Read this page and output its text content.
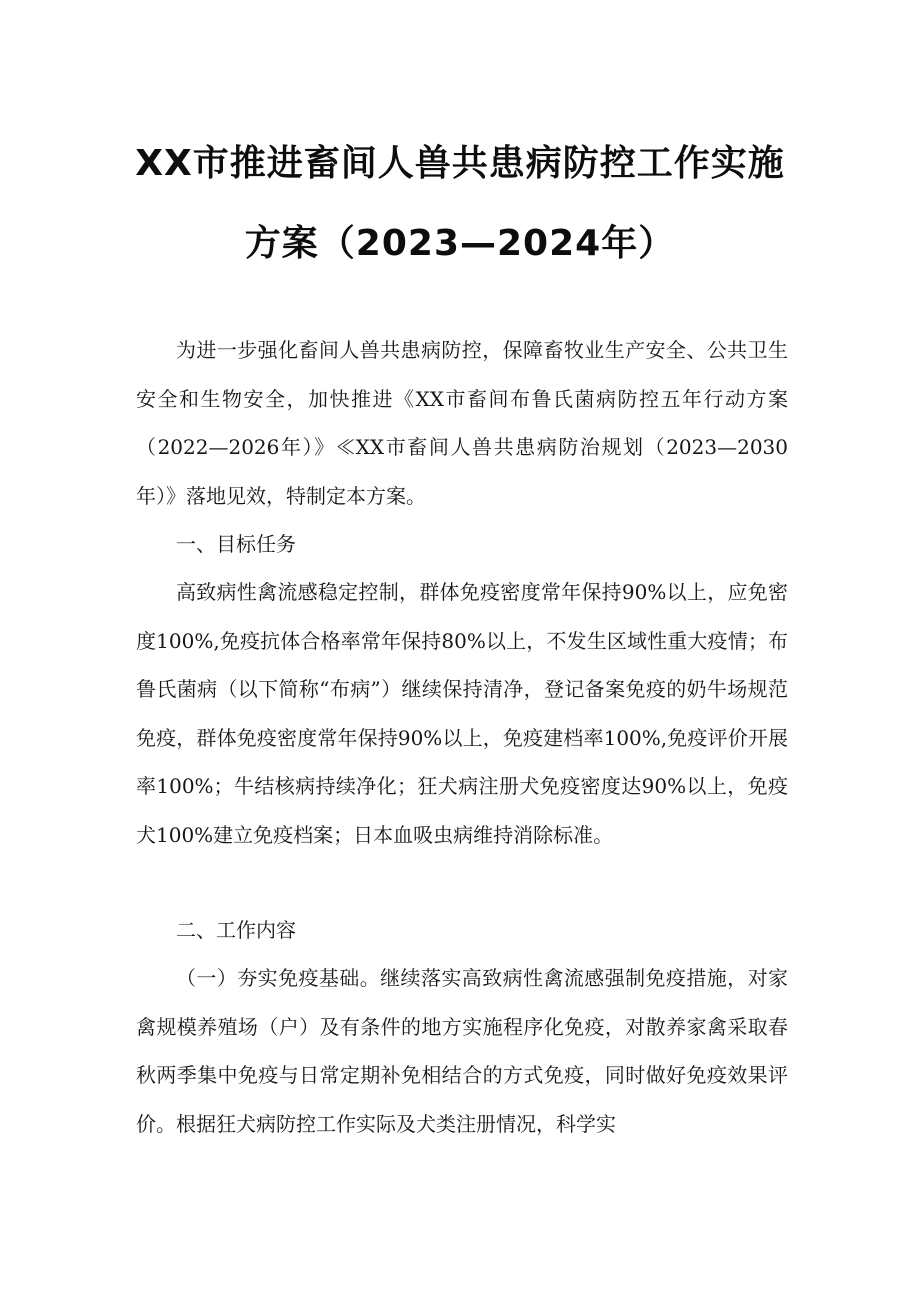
XX市推进畜间人兽共患病防控工作实施
方案（2023—2024年）

为进一步强化畜间人兽共患病防控，保障畜牧业生产安全、公共卫生安全和生物安全，加快推进《XX市畜间布鲁氏菌病防控五年行动方案（2022—2026年）》≪XX市畜间人兽共患病防治规划（2023—2030年）》落地见效，特制定本方案。

一、目标任务

高致病性禽流感稳定控制，群体免疫密度常年保持90%以上，应免密度100%,免疫抗体合格率常年保持80%以上，不发生区域性重大疫情；布鲁氏菌病（以下简称“布病”）继续保持清净，登记备案免疫的奶牛场规范免疫，群体免疫密度常年保持90%以上，免疫建档率100%,免疫评价开展率100%；牛结核病持续净化；狂犬病注册犬免疫密度达90%以上，免疫犬100%建立免疫档案；日本血吸虫病维持消除标准。

二、工作内容

（一）夯实免疫基础。继续落实高致病性禽流感强制免疫措施，对家禽规模养殖场（户）及有条件的地方实施程序化免疫，对散养家禽采取春秋两季集中免疫与日常定期补免相结合的方式免疫，同时做好免疫效果评价。根据狂犬病防控工作实际及犬类注册情况，科学实
